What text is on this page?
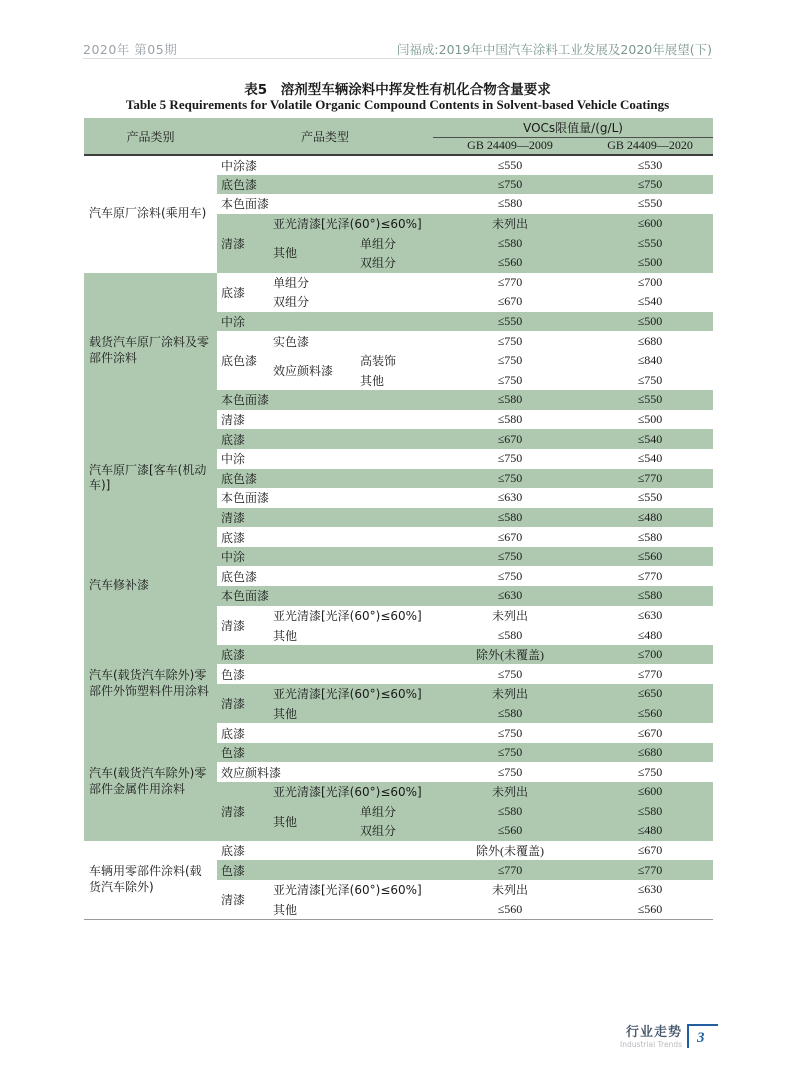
2020年 第05期	闫福成:2019年中国汽车涂料工业发展及2020年展望(下)
表5　溶剂型车辆涂料中挥发性有机化合物含量要求
Table 5 Requirements for Volatile Organic Compound Contents in Solvent-based Vehicle Coatings
产品类别	产品类型			VOCs限值量/(g/L)	
				GB 24409—2009	GB 24409—2020
汽车原厂涂料(乘用车)	中涂漆			≤550	≤530
	底色漆			≤750	≤750
	本色面漆			≤580	≤550
	清漆	亚光清漆[光泽(60°)≤60%]		未列出	≤600
		其他	单组分	≤580	≤550
			双组分	≤560	≤500
载货汽车原厂涂料及零部件涂料	底漆	单组分		≤770	≤700
		双组分		≤670	≤540
	中涂			≤550	≤500
	底色漆	实色漆		≤750	≤680
		效应颜料漆	高装饰	≤750	≤840
			其他	≤750	≤750
	本色面漆			≤580	≤550
	清漆			≤580	≤500
汽车原厂漆[客车(机动车)]	底漆			≤670	≤540
	中涂			≤750	≤540
	底色漆			≤750	≤770
	本色面漆			≤630	≤550
	清漆			≤580	≤480
汽车修补漆	底漆			≤670	≤580
	中涂			≤750	≤560
	底色漆			≤750	≤770
	本色面漆			≤630	≤580
	清漆	亚光清漆[光泽(60°)≤60%]		未列出	≤630
		其他		≤580	≤480
汽车(载货汽车除外)零部件外饰塑料件用涂料	底漆			除外(未覆盖)	≤700
	色漆			≤750	≤770
	清漆	亚光清漆[光泽(60°)≤60%]		未列出	≤650
		其他		≤580	≤560
汽车(载货汽车除外)零部件金属件用涂料	底漆			≤750	≤670
	色漆			≤750	≤680
	效应颜料漆			≤750	≤750
	清漆	亚光清漆[光泽(60°)≤60%]		未列出	≤600
		其他	单组分	≤580	≤580
			双组分	≤560	≤480
车辆用零部件涂料(载货汽车除外)	底漆			除外(未覆盖)	≤670
	色漆			≤770	≤770
	清漆	亚光清漆[光泽(60°)≤60%]		未列出	≤630
		其他		≤560	≤560
行业走势
Industrial Trends	3
